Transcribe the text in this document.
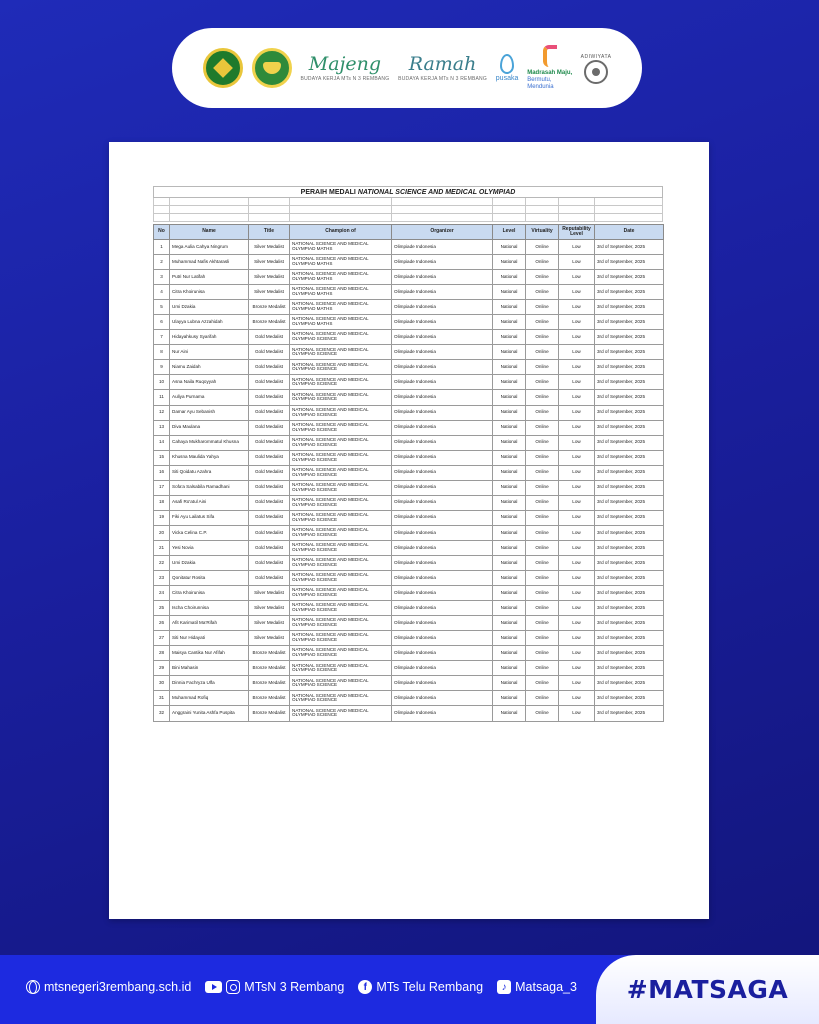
Majeng
BUDAYA KERJA MTs N 3 REMBANG
Ramah
BUDAYA KERJA MTs N 3 REMBANG pusaka
Madrasah Maju,
Bermutu,
Mendunia
ADIWIYATA
PERAIH MEDALI NATIONAL SCIENCE AND MEDICAL OLYMPIAD
No	Name	Title	Champion of	Organizer	Level	Virtuality	Reputability Level	Date
1	Mega Aulia Cahya Ningrum	Silver Medalist	NATIONAL SCIENCE AND MEDICAL OLYMPIAD MATHS	Olimpiade Indonesia	National	Online	Low	3rd of September, 2025
2	Muhammad Nafis Akhtarasli	Silver Medalist	NATIONAL SCIENCE AND MEDICAL OLYMPIAD MATHS	Olimpiade Indonesia	National	Online	Low	3rd of September, 2025
3	Putri Nur Latifah	Silver Medalist	NATIONAL SCIENCE AND MEDICAL OLYMPIAD MATHS	Olimpiade Indonesia	National	Online	Low	3rd of September, 2025
4	Citra Khoirunisa	Silver Medalist	NATIONAL SCIENCE AND MEDICAL OLYMPIAD MATHS	Olimpiade Indonesia	National	Online	Low	3rd of September, 2025
5	Umi Dzakia	Bronze Medalist	NATIONAL SCIENCE AND MEDICAL OLYMPIAD MATHS	Olimpiade Indonesia	National	Online	Low	3rd of September, 2025
6	Ulayya Lubna Azzahidah	Bronze Medalist	NATIONAL SCIENCE AND MEDICAL OLYMPIAD MATHS	Olimpiade Indonesia	National	Online	Low	3rd of September, 2025
7	Hidayahkusy Syarifah	Gold Medalist	NATIONAL SCIENCE AND MEDICAL OLYMPIAD SCIENCE	Olimpiade Indonesia	National	Online	Low	3rd of September, 2025
8	Nur Aini	Gold Medalist	NATIONAL SCIENCE AND MEDICAL OLYMPIAD SCIENCE	Olimpiade Indonesia	National	Online	Low	3rd of September, 2025
9	Niamu Zaidah	Gold Medalist	NATIONAL SCIENCE AND MEDICAL OLYMPIAD SCIENCE	Olimpiade Indonesia	National	Online	Low	3rd of September, 2025
10	Asna Naila Ruqoyyah	Gold Medalist	NATIONAL SCIENCE AND MEDICAL OLYMPIAD SCIENCE	Olimpiade Indonesia	National	Online	Low	3rd of September, 2025
11	Auliya Purnama	Gold Medalist	NATIONAL SCIENCE AND MEDICAL OLYMPIAD SCIENCE	Olimpiade Indonesia	National	Online	Low	3rd of September, 2025
12	Damar Ayu Sebanish	Gold Medalist	NATIONAL SCIENCE AND MEDICAL OLYMPIAD SCIENCE	Olimpiade Indonesia	National	Online	Low	3rd of September, 2025
13	Diva Maulana	Gold Medalist	NATIONAL SCIENCE AND MEDICAL OLYMPIAD SCIENCE	Olimpiade Indonesia	National	Online	Low	3rd of September, 2025
14	Cahaya Mukharommatul Khusna	Gold Medalist	NATIONAL SCIENCE AND MEDICAL OLYMPIAD SCIENCE	Olimpiade Indonesia	National	Online	Low	3rd of September, 2025
15	Khusna Maulida Yahya	Gold Medalist	NATIONAL SCIENCE AND MEDICAL OLYMPIAD SCIENCE	Olimpiade Indonesia	National	Online	Low	3rd of September, 2025
16	Siti Qoidatu Azahra	Gold Medalist	NATIONAL SCIENCE AND MEDICAL OLYMPIAD SCIENCE	Olimpiade Indonesia	National	Online	Low	3rd of September, 2025
17	Sofa'a Salsabila Ramadhani	Gold Medalist	NATIONAL SCIENCE AND MEDICAL OLYMPIAD SCIENCE	Olimpiade Indonesia	National	Online	Low	3rd of September, 2025
18	Asafi Ro'atul Aini	Gold Medalist	NATIONAL SCIENCE AND MEDICAL OLYMPIAD SCIENCE	Olimpiade Indonesia	National	Online	Low	3rd of September, 2025
19	Fiki Ayu Lailatus Sifa	Gold Medalist	NATIONAL SCIENCE AND MEDICAL OLYMPIAD SCIENCE	Olimpiade Indonesia	National	Online	Low	3rd of September, 2025
20	Vicka Celina C.P.	Gold Medalist	NATIONAL SCIENCE AND MEDICAL OLYMPIAD SCIENCE	Olimpiade Indonesia	National	Online	Low	3rd of September, 2025
21	Yesi Novia	Gold Medalist	NATIONAL SCIENCE AND MEDICAL OLYMPIAD SCIENCE	Olimpiade Indonesia	National	Online	Low	3rd of September, 2025
22	Umi Dzakia	Gold Medalist	NATIONAL SCIENCE AND MEDICAL OLYMPIAD SCIENCE	Olimpiade Indonesia	National	Online	Low	3rd of September, 2025
23	Qonitatur Rosita	Gold Medalist	NATIONAL SCIENCE AND MEDICAL OLYMPIAD SCIENCE	Olimpiade Indonesia	National	Online	Low	3rd of September, 2025
24	Citra Khoirunisa	Silver Medalist	NATIONAL SCIENCE AND MEDICAL OLYMPIAD SCIENCE	Olimpiade Indonesia	National	Online	Low	3rd of September, 2025
25	Ischa Choirunnisa	Silver Medalist	NATIONAL SCIENCE AND MEDICAL OLYMPIAD SCIENCE	Olimpiade Indonesia	National	Online	Low	3rd of September, 2025
26	Afit Karimatil Ma'Rifah	Silver Medalist	NATIONAL SCIENCE AND MEDICAL OLYMPIAD SCIENCE	Olimpiade Indonesia	National	Online	Low	3rd of September, 2025
27	Siti Nur Hidayati	Silver Medalist	NATIONAL SCIENCE AND MEDICAL OLYMPIAD SCIENCE	Olimpiade Indonesia	National	Online	Low	3rd of September, 2025
28	Maisya Cantika Nur Afifah	Bronze Medalist	NATIONAL SCIENCE AND MEDICAL OLYMPIAD SCIENCE	Olimpiade Indonesia	National	Online	Low	3rd of September, 2025
29	Bini Mahasin	Bronze Medalist	NATIONAL SCIENCE AND MEDICAL OLYMPIAD SCIENCE	Olimpiade Indonesia	National	Online	Low	3rd of September, 2025
30	Dinnia Fachryza Ulfa	Bronze Medalist	NATIONAL SCIENCE AND MEDICAL OLYMPIAD SCIENCE	Olimpiade Indonesia	National	Online	Low	3rd of September, 2025
31	Muhammad Rofiq	Bronze Medalist	NATIONAL SCIENCE AND MEDICAL OLYMPIAD SCIENCE	Olimpiade Indonesia	National	Online	Low	3rd of September, 2025
32	Anggraini Yunita Ashfa Puspita	Bronze Medalist	NATIONAL SCIENCE AND MEDICAL OLYMPIAD SCIENCE	Olimpiade Indonesia	National	Online	Low	3rd of September, 2025
#MATSAGA
mtsnegeri3rembang.sch.id	MTsN 3 Rembang	f MTs Telu Rembang	♪ Matsaga_3
